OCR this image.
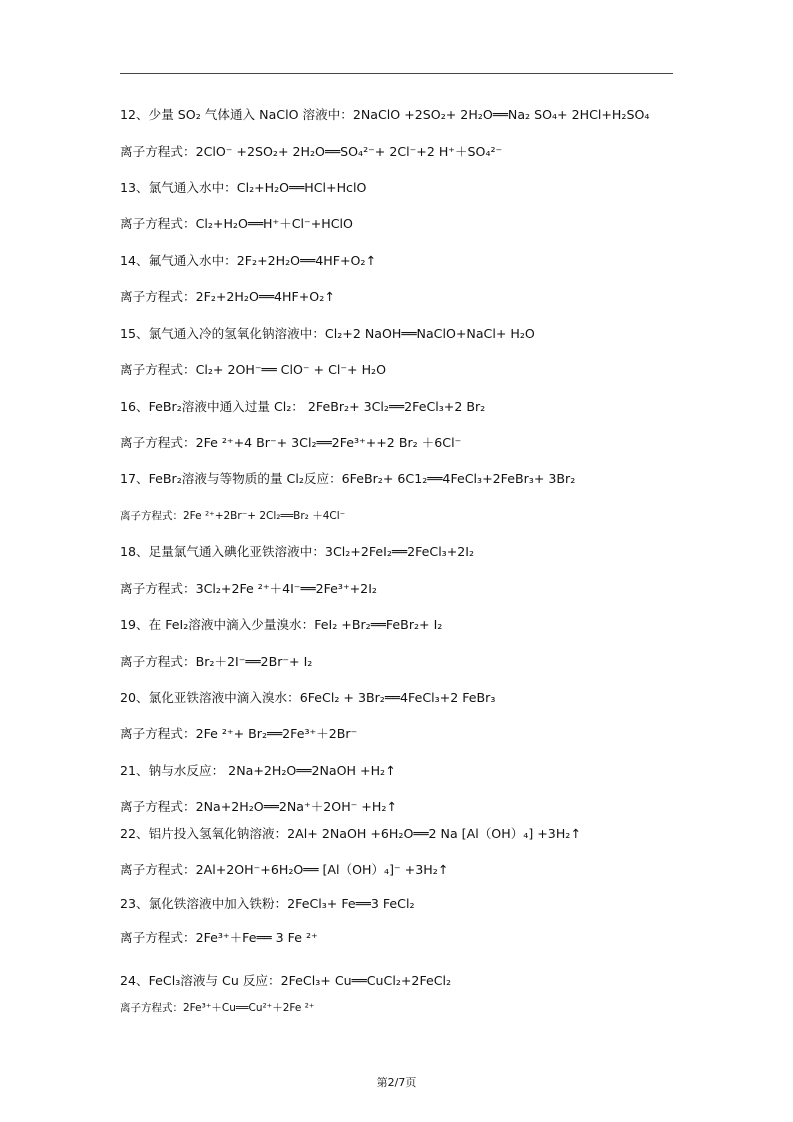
12、少量 SO₂ 气体通入 NaClO 溶液中：2NaClO +2SO₂+ 2H₂O══Na₂ SO₄+ 2HCl+H₂SO₄
离子方程式：2ClO⁻ +2SO₂+ 2H₂O══SO₄²⁻+ 2Cl⁻+2 H⁺＋SO₄²⁻
13、氯气通入水中：Cl₂+H₂O══HCl+HclO
离子方程式：Cl₂+H₂O══H⁺＋Cl⁻+HClO
14、氟气通入水中：2F₂+2H₂O══4HF+O₂↑
离子方程式：2F₂+2H₂O══4HF+O₂↑
15、氯气通入冷的氢氧化钠溶液中：Cl₂+2 NaOH══NaClO+NaCl+ H₂O
离子方程式：Cl₂+ 2OH⁻══ ClO⁻ + Cl⁻+ H₂O
16、FeBr₂溶液中通入过量 Cl₂： 2FeBr₂+ 3Cl₂══2FeCl₃+2 Br₂
离子方程式：2Fe ²⁺+4 Br⁻+ 3Cl₂══2Fe³⁺++2 Br₂ ＋6Cl⁻
17、FeBr₂溶液与等物质的量 Cl₂反应：6FeBr₂+ 6C1₂══4FeCl₃+2FeBr₃+ 3Br₂
离子方程式：2Fe ²⁺+2Br⁻+ 2Cl₂══Br₂ ＋4Cl⁻
18、足量氯气通入碘化亚铁溶液中：3Cl₂+2FeI₂══2FeCl₃+2I₂
离子方程式：3Cl₂+2Fe ²⁺＋4I⁻══2Fe³⁺+2I₂
19、在 FeI₂溶液中滴入少量溴水：FeI₂ +Br₂══FeBr₂+ I₂
离子方程式：Br₂＋2I⁻══2Br⁻+ I₂
20、氯化亚铁溶液中滴入溴水：6FeCl₂ + 3Br₂══4FeCl₃+2 FeBr₃
离子方程式：2Fe ²⁺+ Br₂══2Fe³⁺＋2Br⁻
21、钠与水反应： 2Na+2H₂O══2NaOH +H₂↑
离子方程式：2Na+2H₂O══2Na⁺＋2OH⁻ +H₂↑
22、铝片投入氢氧化钠溶液：2Al+ 2NaOH +6H₂O══2 Na [Al（OH）₄] +3H₂↑
离子方程式：2Al+2OH⁻+6H₂O══ [Al（OH）₄]⁻ +3H₂↑
23、氯化铁溶液中加入铁粉：2FeCl₃+ Fe══3 FeCl₂
离子方程式：2Fe³⁺＋Fe══ 3 Fe ²⁺
24、FeCl₃溶液与 Cu 反应：2FeCl₃+ Cu══CuCl₂+2FeCl₂
离子方程式：2Fe³⁺＋Cu══Cu²⁺＋2Fe ²⁺
第2/7页
